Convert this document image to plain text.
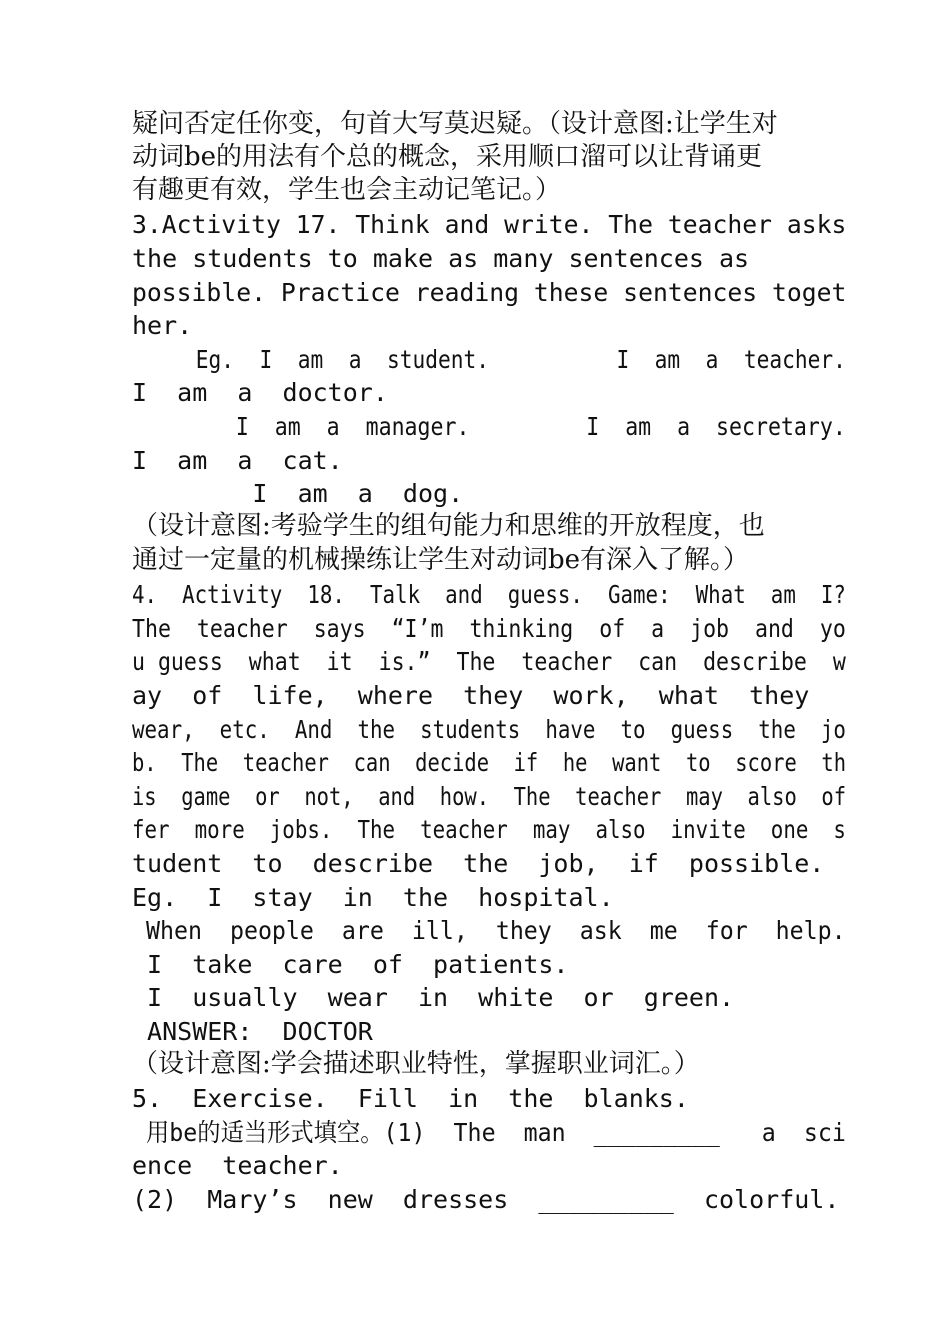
疑问否定任你变，句首大写莫迟疑。（设计意图:让学生对
动词be的用法有个总的概念，采用顺口溜可以让背诵更
有趣更有效，学生也会主动记笔记。）
3.Activity 17. Think and write. The teacher asks
the students to make as many sentences as
possible. Practice reading these sentences toget
her.
Eg.  I  am  a  student.          I  am  a  teacher.
I  am  a  doctor.
I  am  a  manager.         I  am  a  secretary.
I  am  a  cat.
I  am  a  dog.
（设计意图:考验学生的组句能力和思维的开放程度，也
通过一定量的机械操练让学生对动词be有深入了解。）
4.  Activity  18.  Talk  and  guess.  Game:  What  am  I?
The  teacher  says  “I’m  thinking  of  a  job  and  yo
u guess  what  it  is.”  The  teacher  can  describe  w
ay  of  life,  where  they  work,  what  they
wear,  etc.  And  the  students  have  to  guess  the  jo
b.  The  teacher  can  decide  if  he  want  to  score  th
is  game  or  not,  and  how.  The  teacher  may  also  of
fer  more  jobs.  The  teacher  may  also  invite  one  s
tudent  to  describe  the  job,  if  possible.
Eg.  I  stay  in  the  hospital.
When  people  are  ill,  they  ask  me  for  help.
I  take  care  of  patients.
I  usually  wear  in  white  or  green.
ANSWER:  DOCTOR
（设计意图:学会描述职业特性，掌握职业词汇。）
5.  Exercise.  Fill  in  the  blanks.
用be的适当形式填空。(1)  The  man  _________   a  sci
ence  teacher.
(2)  Mary’s  new  dresses  _________  colorful.
